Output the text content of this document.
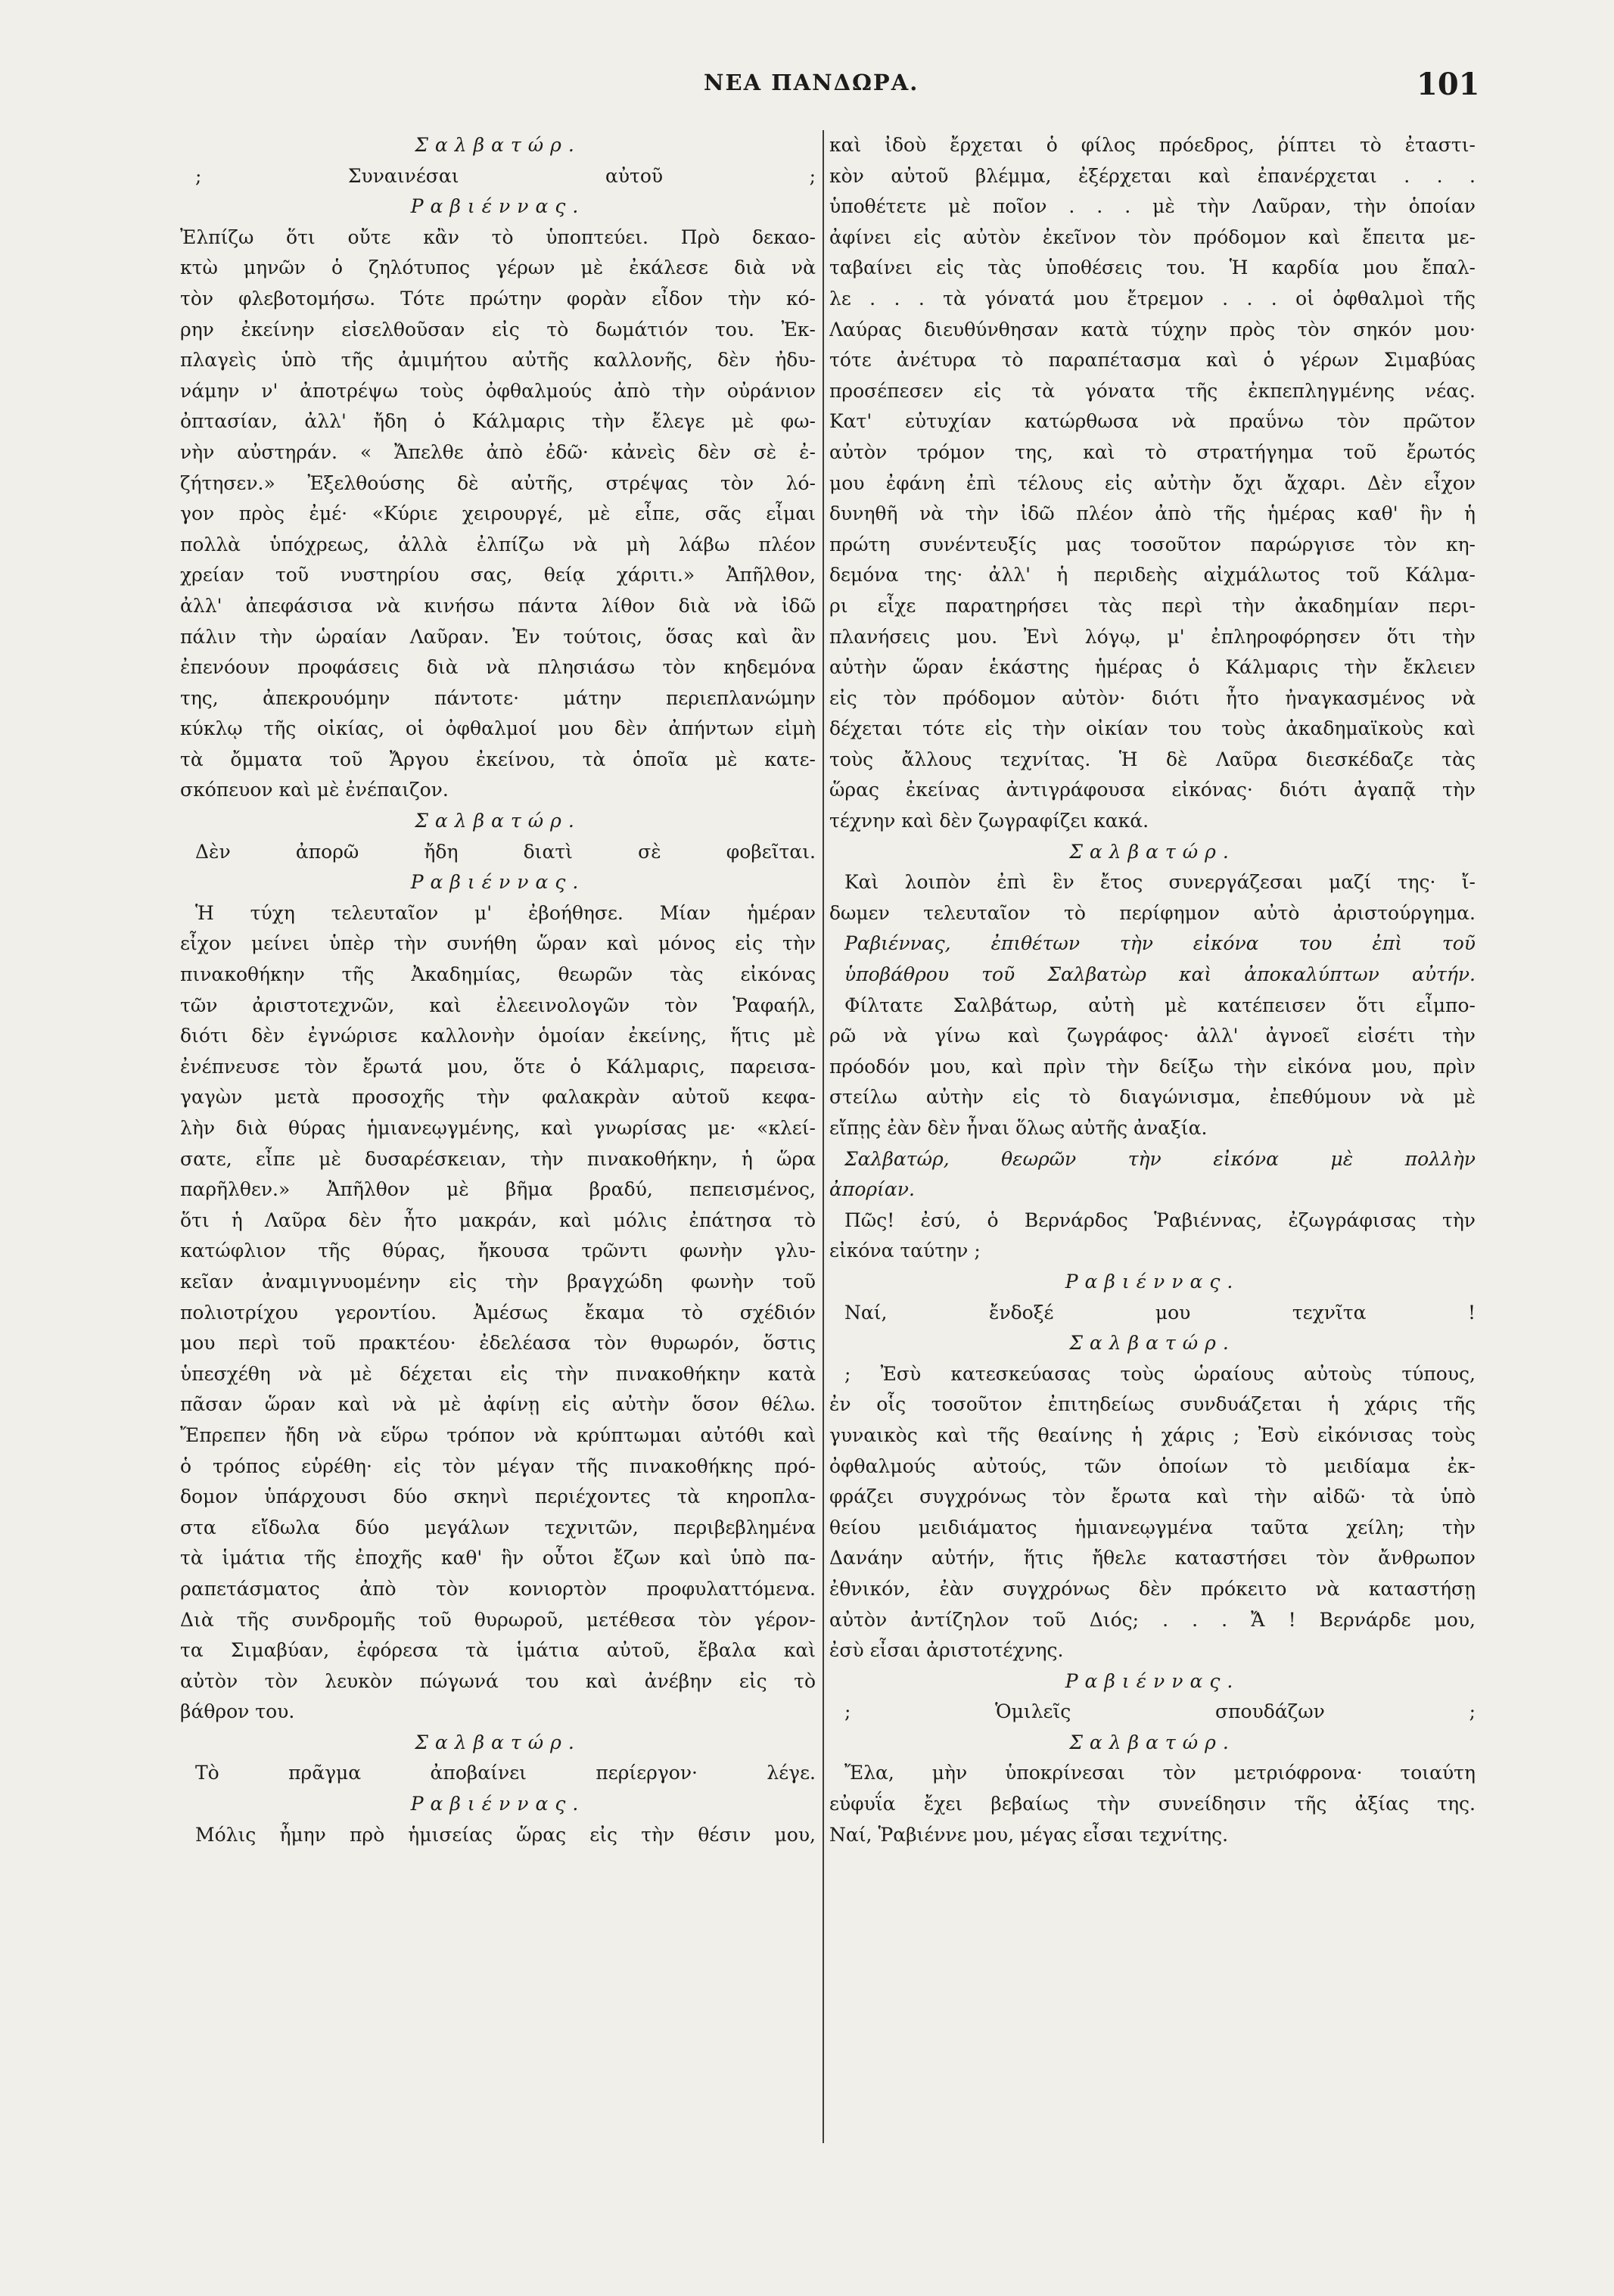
ΝΕΑ ΠΑΝΔΩΡΑ.	101
Σαλβατώρ.
; Συναινέσαι αὐτοῦ ;
Ραβιέννας.
Ἐλπίζω ὅτι οὔτε κἂν τὸ ὑποπτεύει. Πρὸ δεκαο-
κτὼ μηνῶν ὁ ζηλότυπος γέρων μὲ ἐκάλεσε διὰ νὰ
τὸν φλεβοτομήσω. Τότε πρώτην φορὰν εἶδον τὴν κό-
ρην ἐκείνην εἰσελθοῦσαν εἰς τὸ δωμάτιόν του. Ἐκ-
πλαγεὶς ὑπὸ τῆς ἀμιμήτου αὐτῆς καλλονῆς, δὲν ἠδυ-
νάμην ν' ἀποτρέψω τοὺς ὀφθαλμούς ἀπὸ τὴν οὐράνιον
ὀπτασίαν, ἀλλ' ἤδη ὁ Κάλμαρις τὴν ἔλεγε μὲ φω-
νὴν αὐστηράν. « Ἄπελθε ἀπὸ ἐδῶ· κἀνεὶς δὲν σὲ ἐ-
ζήτησεν.» Ἐξελθούσης δὲ αὐτῆς, στρέψας τὸν λό-
γον πρὸς ἐμέ· «Κύριε χειρουργέ, μὲ εἶπε, σᾶς εἶμαι
πολλὰ ὑπόχρεως, ἀλλὰ ἐλπίζω νὰ μὴ λάβω πλέον
χρείαν τοῦ νυστηρίου σας, θείᾳ χάριτι.» Ἀπῆλθον,
ἀλλ' ἀπεφάσισα νὰ κινήσω πάντα λίθον διὰ νὰ ἰδῶ
πάλιν τὴν ὡραίαν Λαῦραν. Ἐν τούτοις, ὅσας καὶ ἂν
ἐπενόουν προφάσεις διὰ νὰ πλησιάσω τὸν κηδεμόνα
της, ἀπεκρουόμην πάντοτε· μάτην περιεπλανώμην
κύκλῳ τῆς οἰκίας, οἱ ὀφθαλμοί μου δὲν ἀπήντων εἰμὴ
τὰ ὄμματα τοῦ Ἄργου ἐκείνου, τὰ ὁποῖα μὲ κατε-
σκόπευον καὶ μὲ ἐνέπαιζον.
Σαλβατώρ.
Δὲν ἀπορῶ ἤδη διατὶ σὲ φοβεῖται.
Ραβιέννας.
Ἡ τύχη τελευταῖον μ' ἐβοήθησε. Μίαν ἡμέραν
εἶχον μείνει ὑπὲρ τὴν συνήθη ὥραν καὶ μόνος εἰς τὴν
πινακοθήκην τῆς Ἀκαδημίας, θεωρῶν τὰς εἰκόνας
τῶν ἀριστοτεχνῶν, καὶ ἐλεεινολογῶν τὸν Ῥαφαήλ,
διότι δὲν ἐγνώρισε καλλονὴν ὁμοίαν ἐκείνης, ἥτις μὲ
ἐνέπνευσε τὸν ἔρωτά μου, ὅτε ὁ Κάλμαρις, παρεισα-
γαγὼν μετὰ προσοχῆς τὴν φαλακρὰν αὐτοῦ κεφα-
λὴν διὰ θύρας ἡμιανεῳγμένης, καὶ γνωρίσας με· «κλεί-
σατε, εἶπε μὲ δυσαρέσκειαν, τὴν πινακοθήκην, ἡ ὥρα
παρῆλθεν.» Ἀπῆλθον μὲ βῆμα βραδύ, πεπεισμένος,
ὅτι ἡ Λαῦρα δὲν ἦτο μακράν, καὶ μόλις ἐπάτησα τὸ
κατώφλιον τῆς θύρας, ἤκουσα τρῶντι φωνὴν γλυ-
κεῖαν ἀναμιγνυομένην εἰς τὴν βραγχώδη φωνὴν τοῦ
πολιοτρίχου γεροντίου. Ἀμέσως ἔκαμα τὸ σχέδιόν
μου περὶ τοῦ πρακτέου· ἐδελέασα τὸν θυρωρόν, ὅστις
ὑπεσχέθη νὰ μὲ δέχεται εἰς τὴν πινακοθήκην κατὰ
πᾶσαν ὥραν καὶ νὰ μὲ ἀφίνῃ εἰς αὐτὴν ὅσον θέλω.
Ἔπρεπεν ἤδη νὰ εὕρω τρόπον νὰ κρύπτωμαι αὐτόθι καὶ
ὁ τρόπος εὑρέθη· εἰς τὸν μέγαν τῆς πινακοθήκης πρό-
δομον ὑπάρχουσι δύο σκηνὶ περιέχοντες τὰ κηροπλα-
στα εἴδωλα δύο μεγάλων τεχνιτῶν, περιβεβλημένα
τὰ ἱμάτια τῆς ἐποχῆς καθ' ἣν οὗτοι ἔζων καὶ ὑπὸ πα-
ραπετάσματος ἀπὸ τὸν κονιορτὸν προφυλαττόμενα.
Διὰ τῆς συνδρομῆς τοῦ θυρωροῦ, μετέθεσα τὸν γέρον-
τα Σιμαβύαν, ἐφόρεσα τὰ ἱμάτια αὐτοῦ, ἔβαλα καὶ
αὐτὸν τὸν λευκὸν πώγωνά του καὶ ἀνέβην εἰς τὸ
βάθρον του.
Σαλβατώρ.
Τὸ πρᾶγμα ἀποβαίνει περίεργον· λέγε.
Ραβιέννας.
Μόλις ἦμην πρὸ ἡμισείας ὥρας εἰς τὴν θέσιν μου,
καὶ ἰδοὺ ἔρχεται ὁ φίλος πρόεδρος, ῥίπτει τὸ ἐταστι-
κὸν αὐτοῦ βλέμμα, ἐξέρχεται καὶ ἐπανέρχεται . . .
ὑποθέτετε μὲ ποῖον . . . μὲ τὴν Λαῦραν, τὴν ὁποίαν
ἀφίνει εἰς αὐτὸν ἐκεῖνον τὸν πρόδομον καὶ ἔπειτα με-
ταβαίνει εἰς τὰς ὑποθέσεις του. Ἡ καρδία μου ἔπαλ-
λε . . . τὰ γόνατά μου ἔτρεμον . . . οἱ ὀφθαλμοὶ τῆς
Λαύρας διευθύνθησαν κατὰ τύχην πρὸς τὸν σηκόν μου·
τότε ἀνέτυρα τὸ παραπέτασμα καὶ ὁ γέρων Σιμαβύας
προσέπεσεν εἰς τὰ γόνατα τῆς ἐκπεπληγμένης νέας.
Κατ' εὐτυχίαν κατώρθωσα νὰ πραΰνω τὸν πρῶτον
αὐτὸν τρόμον της, καὶ τὸ στρατήγημα τοῦ ἔρωτός
μου ἐφάνη ἐπὶ τέλους εἰς αὐτὴν ὄχι ἄχαρι. Δὲν εἶχον
δυνηθῆ νὰ τὴν ἰδῶ πλέον ἀπὸ τῆς ἡμέρας καθ' ἣν ἡ
πρώτη συνέντευξίς μας τοσοῦτον παρώργισε τὸν κη-
δεμόνα της· ἀλλ' ἡ περιδεὴς αἰχμάλωτος τοῦ Κάλμα-
ρι εἶχε παρατηρήσει τὰς περὶ τὴν ἀκαδημίαν περι-
πλανήσεις μου. Ἐνὶ λόγῳ, μ' ἐπληροφόρησεν ὅτι τὴν
αὐτὴν ὥραν ἑκάστης ἡμέρας ὁ Κάλμαρις τὴν ἔκλειεν
εἰς τὸν πρόδομον αὐτὸν· διότι ἦτο ἠναγκασμένος νὰ
δέχεται τότε εἰς τὴν οἰκίαν του τοὺς ἀκαδημαϊκοὺς καὶ
τοὺς ἄλλους τεχνίτας. Ἡ δὲ Λαῦρα διεσκέδαζε τὰς
ὥρας ἐκείνας ἀντιγράφουσα εἰκόνας· διότι ἀγαπᾷ τὴν
τέχνην καὶ δὲν ζωγραφίζει κακά.
Σαλβατώρ.
Καὶ λοιπὸν ἐπὶ ἓν ἔτος συνεργάζεσαι μαζί της· ἴ-
δωμεν τελευταῖον τὸ περίφημον αὐτὸ ἀριστούργημα.
Ραβιέννας, ἐπιθέτων τὴν εἰκόνα του ἐπὶ τοῦ
ὑποβάθρου τοῦ Σαλβατὼρ καὶ ἀποκαλύπτων αὐτήν.
Φίλτατε Σαλβάτωρ, αὐτὴ μὲ κατέπεισεν ὅτι εἶμπο-
ρῶ νὰ γίνω καὶ ζωγράφος· ἀλλ' ἀγνοεῖ εἰσέτι τὴν
πρόοδόν μου, καὶ πρὶν τὴν δείξω τὴν εἰκόνα μου, πρὶν
στείλω αὐτὴν εἰς τὸ διαγώνισμα, ἐπεθύμουν νὰ μὲ
εἴπῃς ἐὰν δὲν ἦναι ὅλως αὐτῆς ἀναξία.
Σαλβατώρ, θεωρῶν τὴν εἰκόνα μὲ πολλὴν
ἀπορίαν.
Πῶς! ἐσύ, ὁ Βερνάρδος Ῥαβιέννας, ἐζωγράφισας τὴν
εἰκόνα ταύτην ;
Ραβιέννας.
Ναί, ἔνδοξέ μου τεχνῖτα !
Σαλβατώρ.
; Ἐσὺ κατεσκεύασας τοὺς ὡραίους αὐτοὺς τύπους,
ἐν οἷς τοσοῦτον ἐπιτηδείως συνδυάζεται ἡ χάρις τῆς
γυναικὸς καὶ τῆς θεαίνης ἡ χάρις ; Ἐσὺ εἰκόνισας τοὺς
ὀφθαλμούς αὐτούς, τῶν ὁποίων τὸ μειδίαμα ἐκ-
φράζει συγχρόνως τὸν ἔρωτα καὶ τὴν αἰδῶ· τὰ ὑπὸ
θείου μειδιάματος ἡμιανεῳγμένα ταῦτα χείλη; τὴν
Δανάην αὐτήν, ἥτις ἤθελε καταστήσει τὸν ἄνθρωπον
ἐθνικόν, ἐὰν συγχρόνως δὲν πρόκειτο νὰ καταστήσῃ
αὐτὸν ἀντίζηλον τοῦ Διός; . . . Ἄ ! Βερνάρδε μου,
ἐσὺ εἶσαι ἀριστοτέχνης.
Ραβιέννας.
; Ὁμιλεῖς σπουδάζων ;
Σαλβατώρ.
Ἔλα, μὴν ὑποκρίνεσαι τὸν μετριόφρονα· τοιαύτη
εὐφυΐα ἔχει βεβαίως τὴν συνείδησιν τῆς ἀξίας της.
Ναί, Ῥαβιέννε μου, μέγας εἶσαι τεχνίτης.
